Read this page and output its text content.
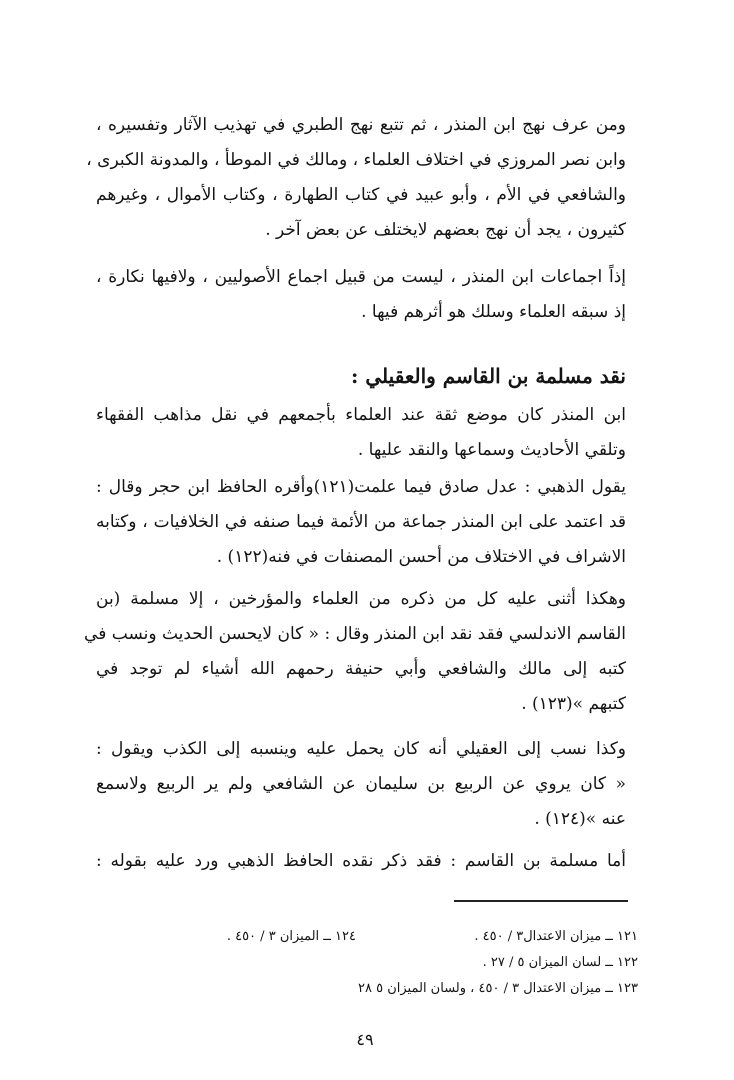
ومن عرف نهج ابن المنذر ، ثم تتبع نهج الطبري في تهذيب الآثار وتفسيره ،
وابن نصر المروزي في اختلاف العلماء ، ومالك في الموطأ ، والمدونة الكبرى ،
والشافعي في الأم ، وأبو عبيد في كتاب الطهارة ، وكتاب الأموال ، وغيرهم
كثيرون ، يجد أن نهج بعضهم لايختلف عن بعض آخر .
إذاً اجماعات ابن المنذر ، ليست من قبيل اجماع الأصوليين ، ولافيها نكارة ،
إذ سبقه العلماء وسلك هو أثرهم فيها .
نقد مسلمة بن القاسم والعقيلي :
ابن المنذر كان موضع ثقة عند العلماء بأجمعهم في نقل مذاهب الفقهاء
وتلقي الأحاديث وسماعها والنقد عليها .
يقول الذهبي : عدل صادق فيما علمت(١٢١)وأقره الحافظ ابن حجر وقال :
قد اعتمد على ابن المنذر جماعة من الأئمة فيما صنفه في الخلافيات ، وكتابه
الاشراف في الاختلاف من أحسن المصنفات في فنه(١٢٢) .
وهكذا أثنى عليه كل من ذكره من العلماء والمؤرخين ، إلا مسلمة (بن
القاسم الاندلسي فقد نقد ابن المنذر وقال : « كان لايحسن الحديث ونسب في
كتبه إلى مالك والشافعي وأبي حنيفة رحمهم الله أشياء لم توجد في
كتبهم »(١٢٣) .
وكذا نسب إلى العقيلي أنه كان يحمل عليه وينسبه إلى الكذب ويقول :
« كان يروي عن الربيع بن سليمان عن الشافعي ولم ير الربيع ولاسمع
عنه »(١٢٤) .
أما مسلمة بن القاسم : فقد ذكر نقده الحافظ الذهبي ورد عليه بقوله :
١٢١ ــ ميزان الاعتدال٣ / ٤٥٠ .
١٢٤ ــ الميزان ٣ / ٤٥٠ .
١٢٢ ــ لسان الميزان ٥ / ٢٧ .
١٢٣ ــ ميزان الاعتدال ٣ / ٤٥٠ ، ولسان الميزان ٥ ٢٨
٤٩
